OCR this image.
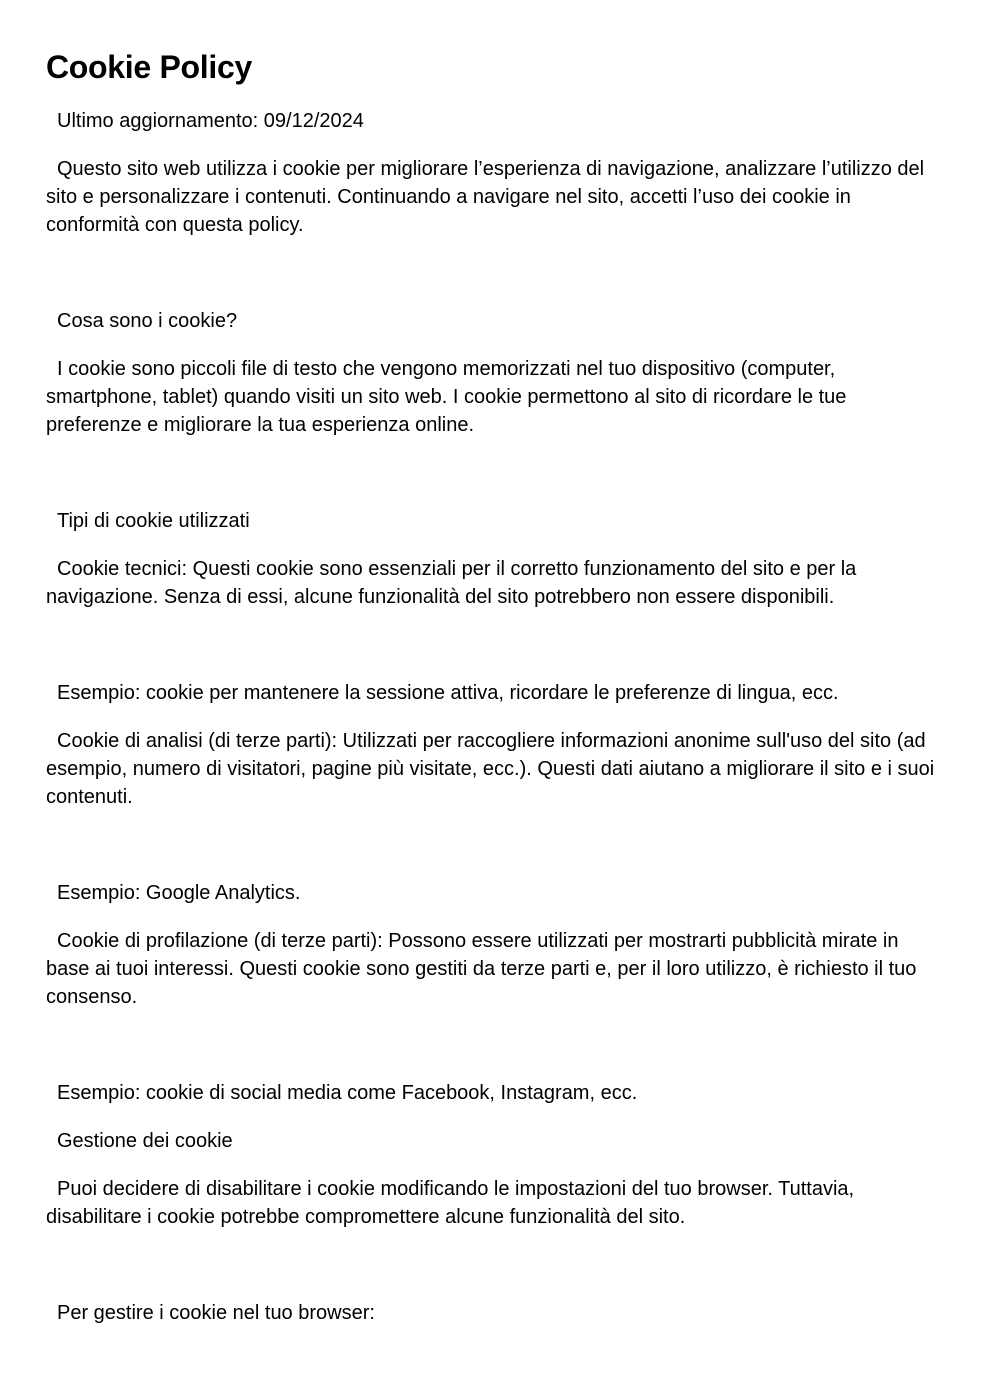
Cookie Policy

Ultimo aggiornamento: 09/12/2024

Questo sito web utilizza i cookie per migliorare l’esperienza di navigazione, analizzare l’utilizzo del sito e personalizzare i contenuti. Continuando a navigare nel sito, accetti l’uso dei cookie in conformità con questa policy.

Cosa sono i cookie?

I cookie sono piccoli file di testo che vengono memorizzati nel tuo dispositivo (computer, smartphone, tablet) quando visiti un sito web. I cookie permettono al sito di ricordare le tue preferenze e migliorare la tua esperienza online.

Tipi di cookie utilizzati

Cookie tecnici: Questi cookie sono essenziali per il corretto funzionamento del sito e per la navigazione. Senza di essi, alcune funzionalità del sito potrebbero non essere disponibili.

Esempio: cookie per mantenere la sessione attiva, ricordare le preferenze di lingua, ecc.

Cookie di analisi (di terze parti): Utilizzati per raccogliere informazioni anonime sull'uso del sito (ad esempio, numero di visitatori, pagine più visitate, ecc.). Questi dati aiutano a migliorare il sito e i suoi contenuti.

Esempio: Google Analytics.

Cookie di profilazione (di terze parti): Possono essere utilizzati per mostrarti pubblicità mirate in base ai tuoi interessi. Questi cookie sono gestiti da terze parti e, per il loro utilizzo, è richiesto il tuo consenso.

Esempio: cookie di social media come Facebook, Instagram, ecc.

Gestione dei cookie

Puoi decidere di disabilitare i cookie modificando le impostazioni del tuo browser. Tuttavia, disabilitare i cookie potrebbe compromettere alcune funzionalità del sito.

Per gestire i cookie nel tuo browser:
